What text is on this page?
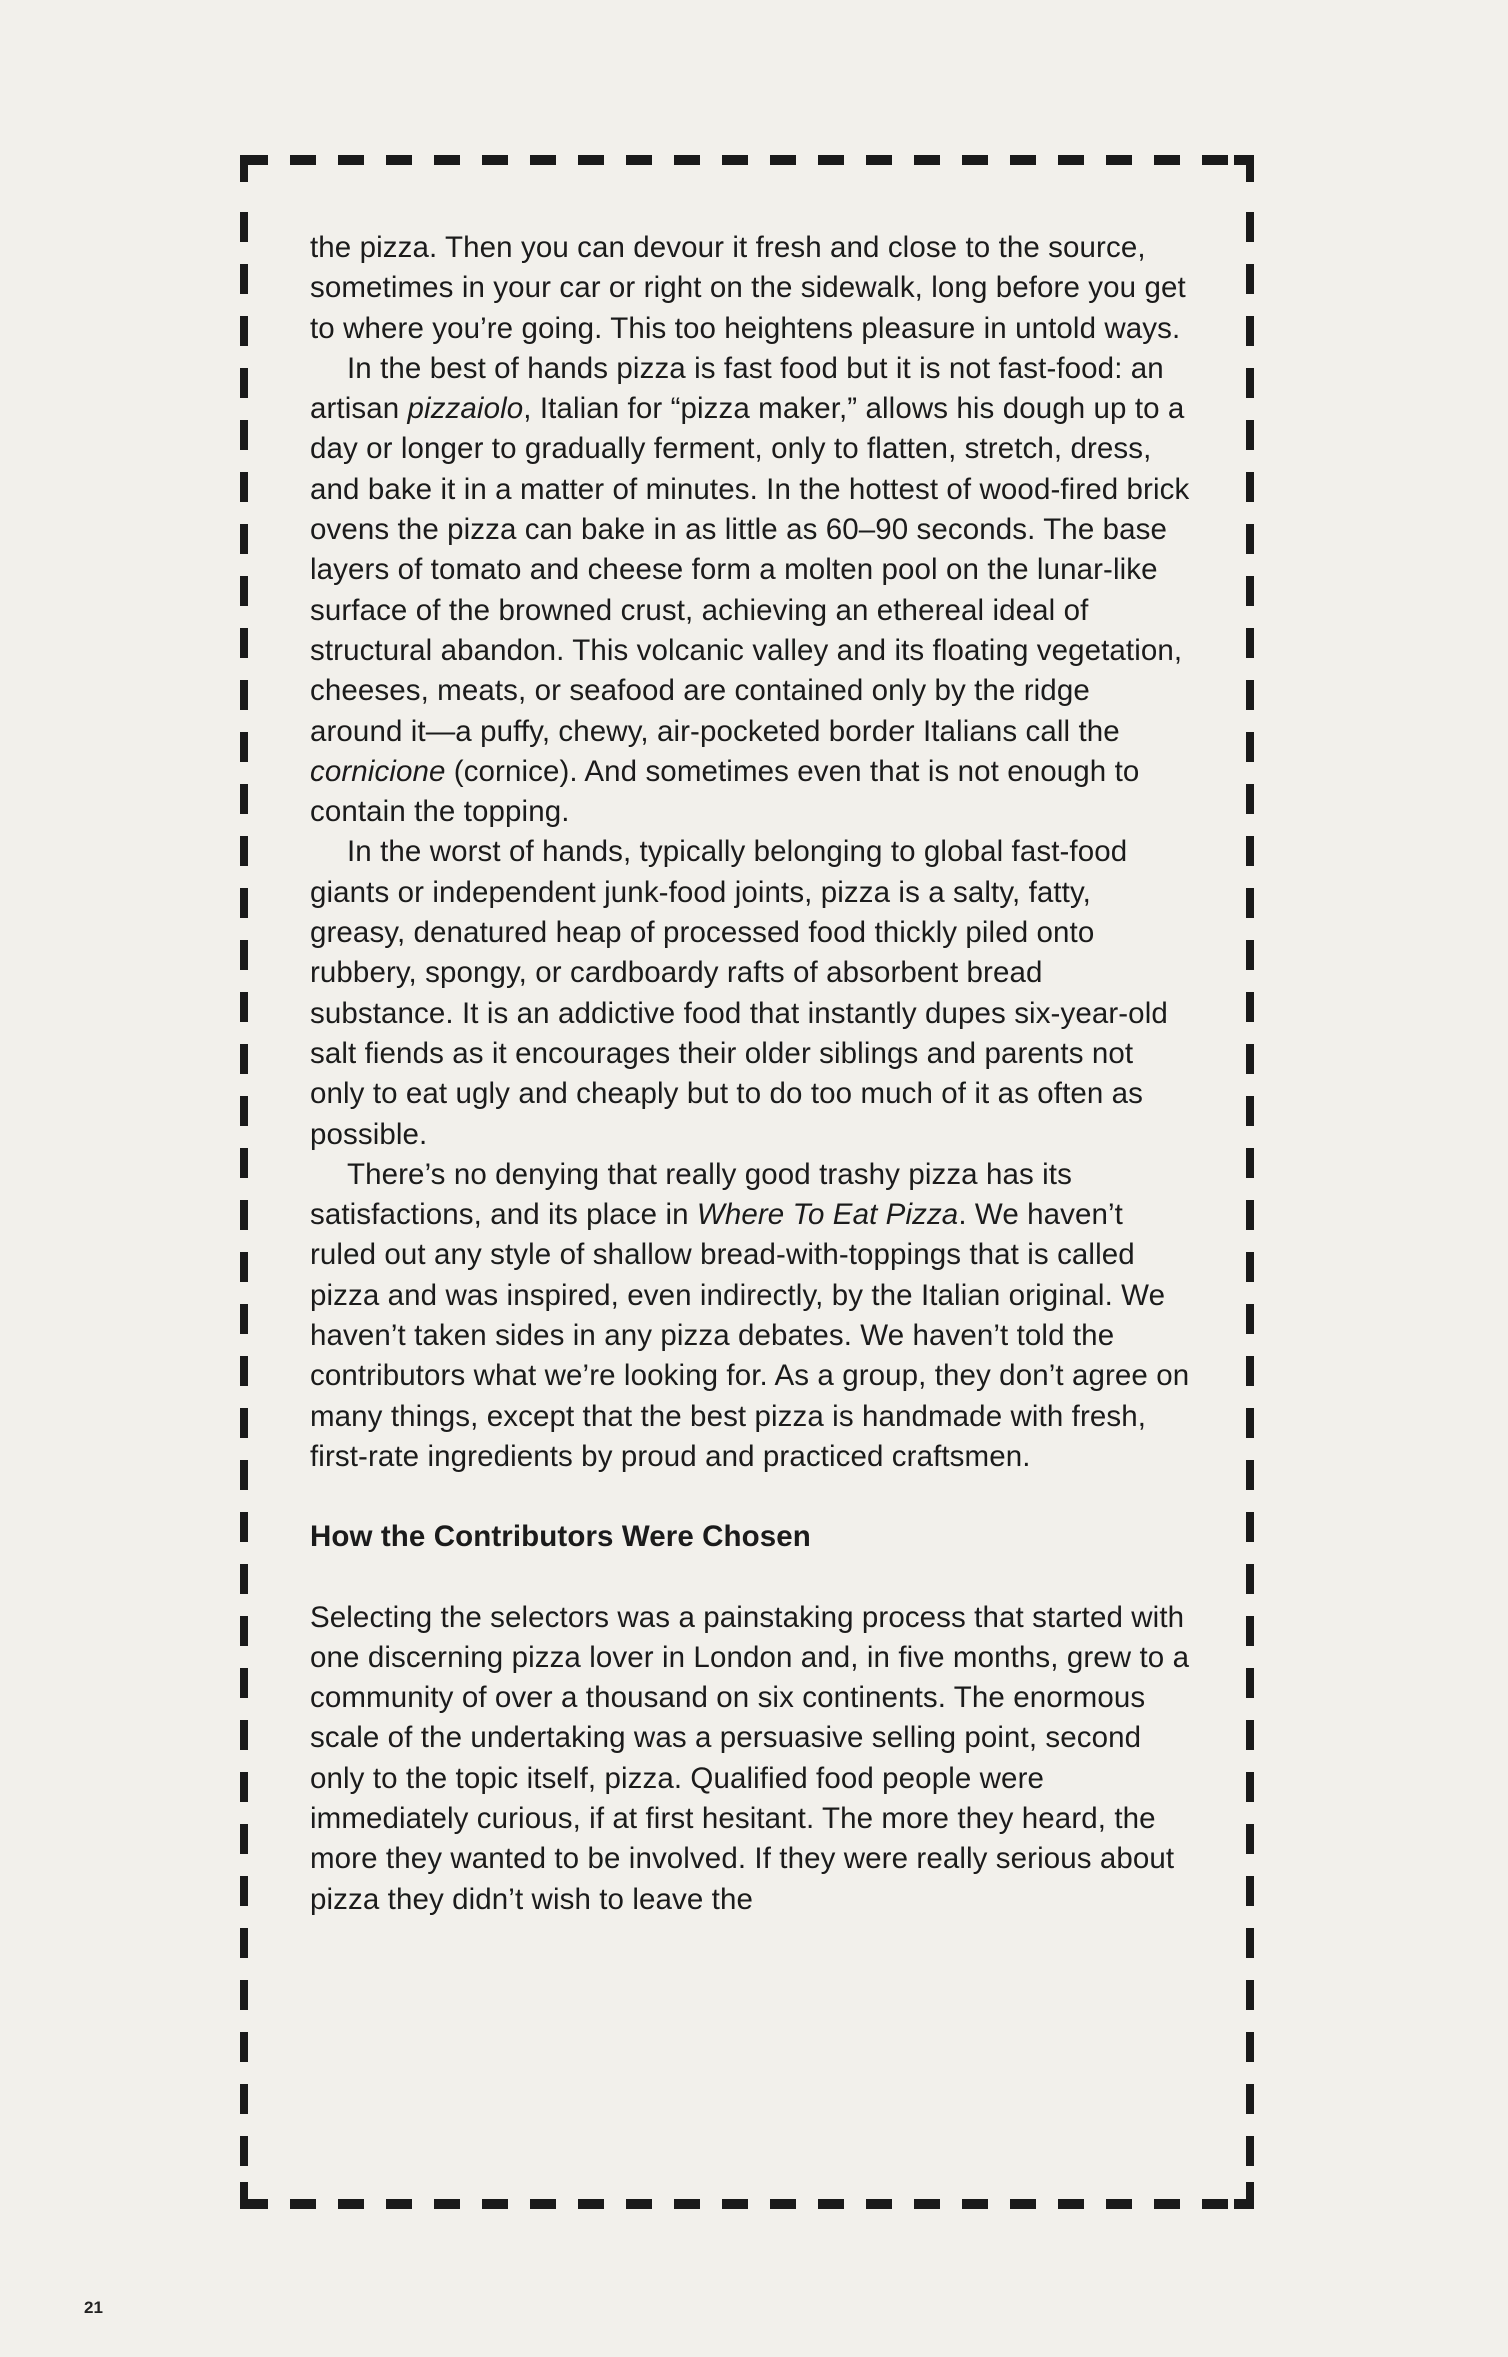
the pizza. Then you can devour it fresh and close to the source, sometimes in your car or right on the sidewalk, long before you get to where you’re going. This too heightens pleasure in untold ways.

In the best of hands pizza is fast food but it is not fast-food: an artisan pizzaiolo, Italian for “pizza maker,” allows his dough up to a day or longer to gradually ferment, only to flatten, stretch, dress, and bake it in a matter of minutes. In the hottest of wood-fired brick ovens the pizza can bake in as little as 60–90 seconds. The base layers of tomato and cheese form a molten pool on the lunar-like surface of the browned crust, achieving an ethereal ideal of structural abandon. This volcanic valley and its floating vegetation, cheeses, meats, or seafood are contained only by the ridge around it—a puffy, chewy, air-pocketed border Italians call the cornicione (cornice). And sometimes even that is not enough to contain the topping.

In the worst of hands, typically belonging to global fast-food giants or independent junk-food joints, pizza is a salty, fatty, greasy, denatured heap of processed food thickly piled onto rubbery, spongy, or cardboardy rafts of absorbent bread substance. It is an addictive food that instantly dupes six-year-old salt fiends as it encourages their older siblings and parents not only to eat ugly and cheaply but to do too much of it as often as possible.

There’s no denying that really good trashy pizza has its satisfactions, and its place in Where To Eat Pizza. We haven’t ruled out any style of shallow bread-with-toppings that is called pizza and was inspired, even indirectly, by the Italian original. We haven’t taken sides in any pizza debates. We haven’t told the contributors what we’re looking for. As a group, they don’t agree on many things, except that the best pizza is handmade with fresh, first-rate ingredients by proud and practiced craftsmen.

How the Contributors Were Chosen

Selecting the selectors was a painstaking process that started with one discerning pizza lover in London and, in five months, grew to a community of over a thousand on six continents. The enormous scale of the undertaking was a persuasive selling point, second only to the topic itself, pizza. Qualified food people were immediately curious, if at first hesitant. The more they heard, the more they wanted to be involved. If they were really serious about pizza they didn’t wish to leave the

21
